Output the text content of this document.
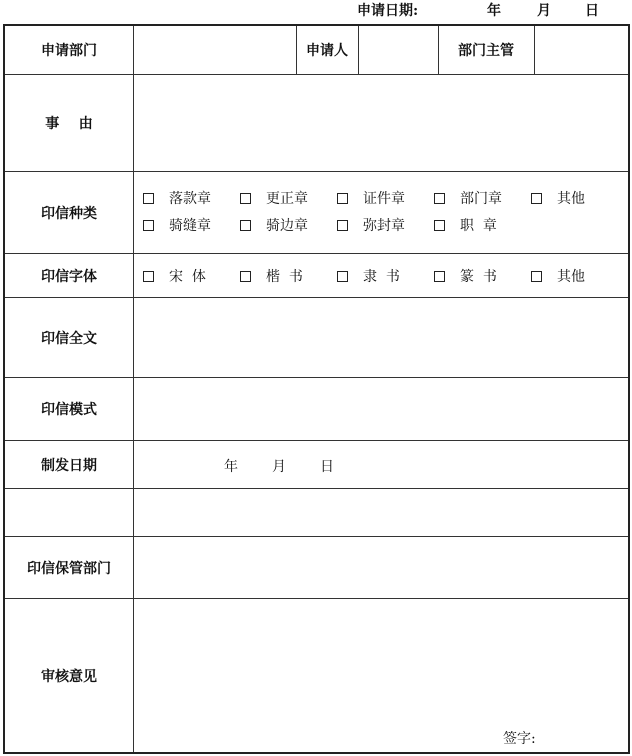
申请日期:	年	月 日
申请部门	申请人	部门主管
事    由
印信种类
落款章	更正章	证件章	部门章	其他
骑缝章	骑边章	弥封章	职  章
印信字体	宋  体	楷  书	隶  书	篆  书	其他
印信全文
印信模式
制发日期	年 月 日
印信保管部门
审核意见
签字:
